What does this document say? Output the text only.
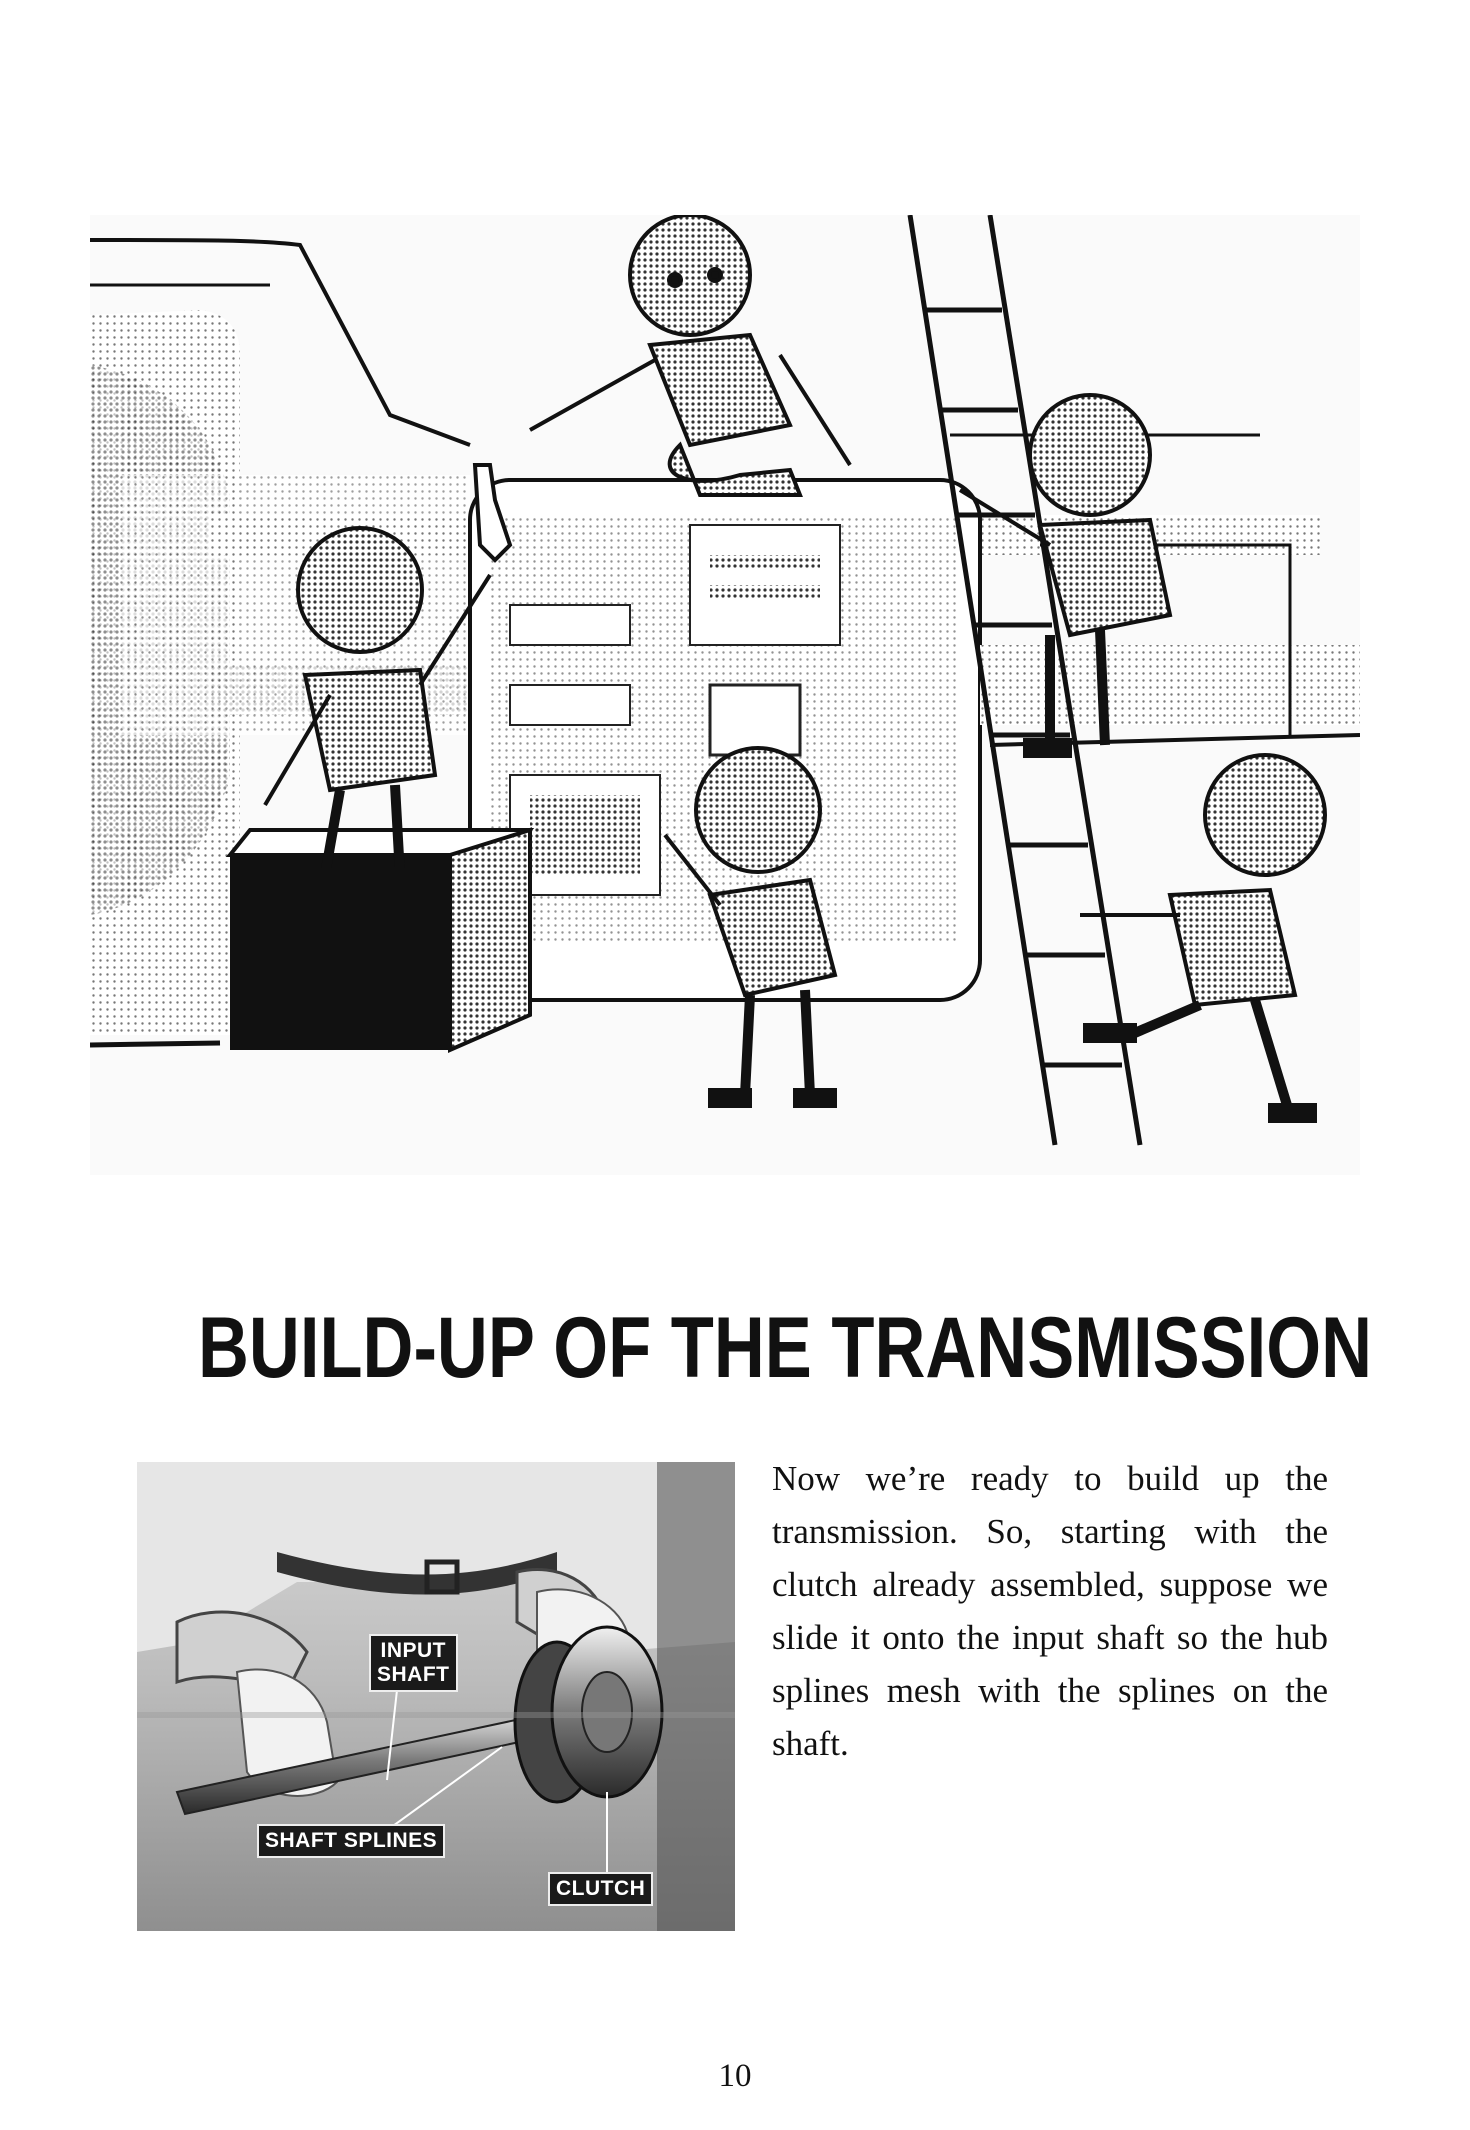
BUILD-UP OF THE TRANSMISSION
INPUT
SHAFT
SHAFT SPLINES
CLUTCH

Now we’re ready to build up the transmission. So, starting with the clutch already assembled, suppose we slide it onto the input shaft so the hub splines mesh with the splines on the shaft.

10
